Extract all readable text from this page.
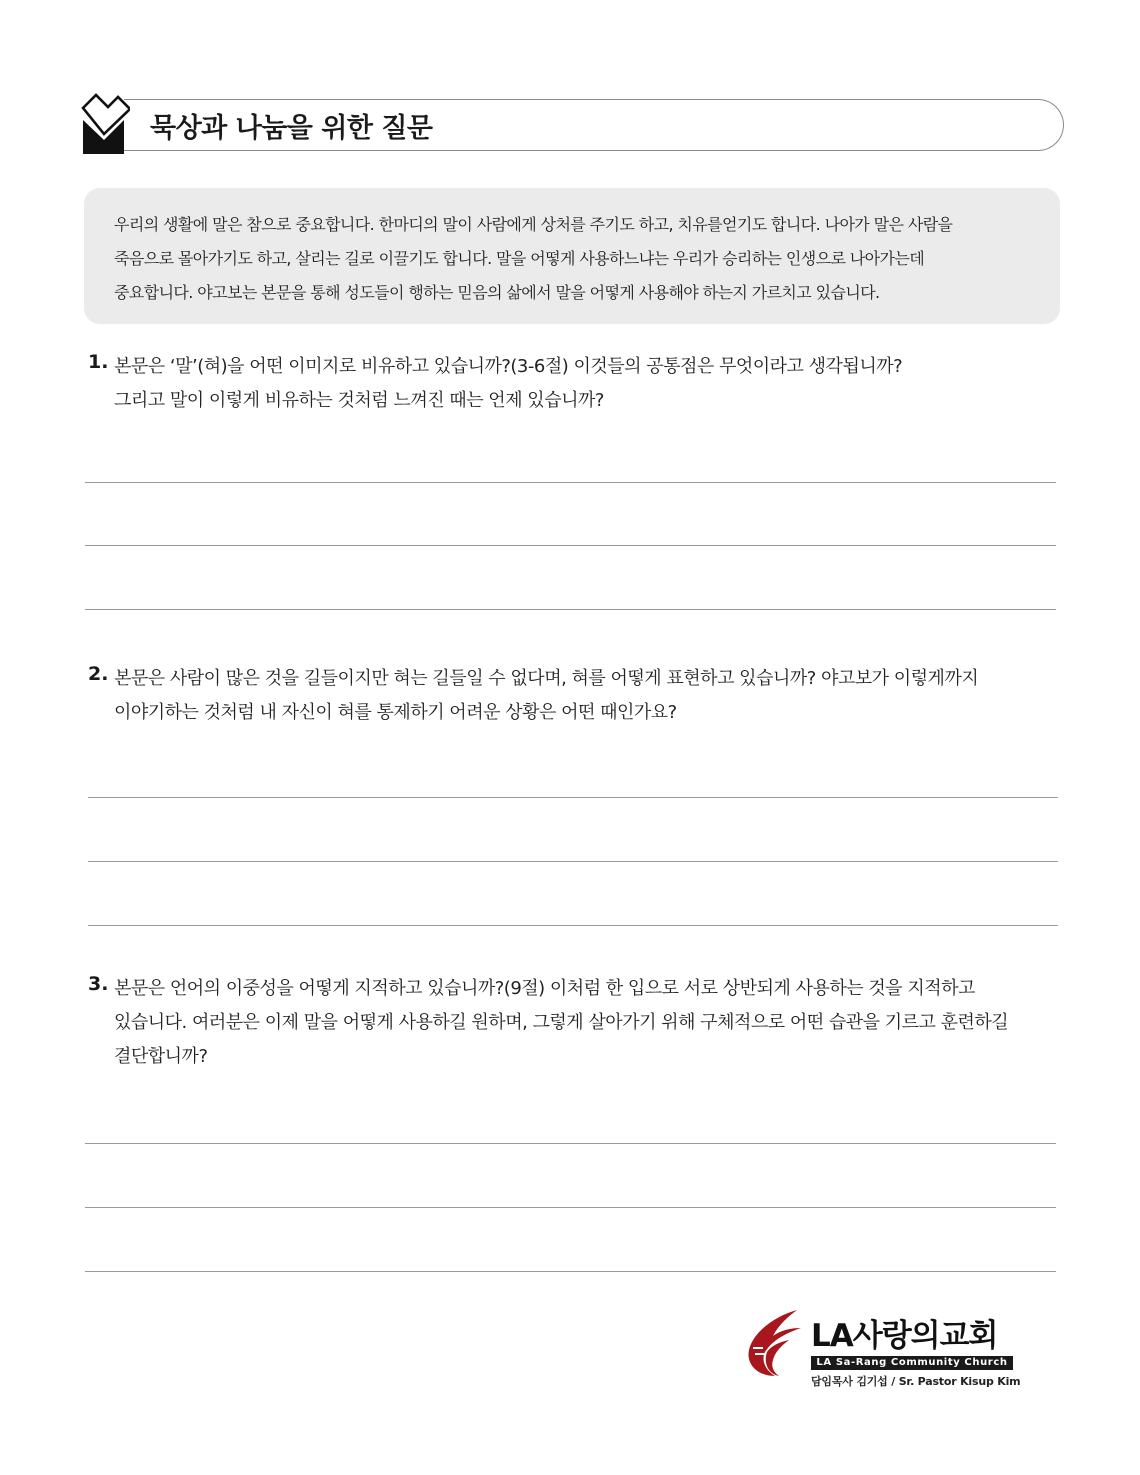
묵상과 나눔을 위한 질문

우리의 생활에 말은 참으로 중요합니다. 한마디의 말이 사람에게 상처를 주기도 하고, 치유를얻기도 합니다. 나아가 말은 사람을
죽음으로 몰아가기도 하고, 살리는 길로 이끌기도 합니다. 말을 어떻게 사용하느냐는 우리가 승리하는 인생으로 나아가는데
중요합니다. 야고보는 본문을 통해 성도들이 행하는 믿음의 삶에서 말을 어떻게 사용해야 하는지 가르치고 있습니다.

1. 본문은 ‘말’(혀)을 어떤 이미지로 비유하고 있습니까?(3-6절) 이것들의 공통점은 무엇이라고 생각됩니까?
그리고 말이 이렇게 비유하는 것처럼 느껴진 때는 언제 있습니까?
2. 본문은 사람이 많은 것을 길들이지만 혀는 길들일 수 없다며, 혀를 어떻게 표현하고 있습니까? 야고보가 이렇게까지
이야기하는 것처럼 내 자신이 혀를 통제하기 어려운 상황은 어떤 때인가요?
3. 본문은 언어의 이중성을 어떻게 지적하고 있습니까?(9절) 이처럼 한 입으로 서로 상반되게 사용하는 것을 지적하고
있습니다. 여러분은 이제 말을 어떻게 사용하길 원하며, 그렇게 살아가기 위해 구체적으로 어떤 습관을 기르고 훈련하길
결단합니까?
LA사랑의교회
LA Sa-Rang Community Church
담임목사 김기섭 / Sr. Pastor Kisup Kim
